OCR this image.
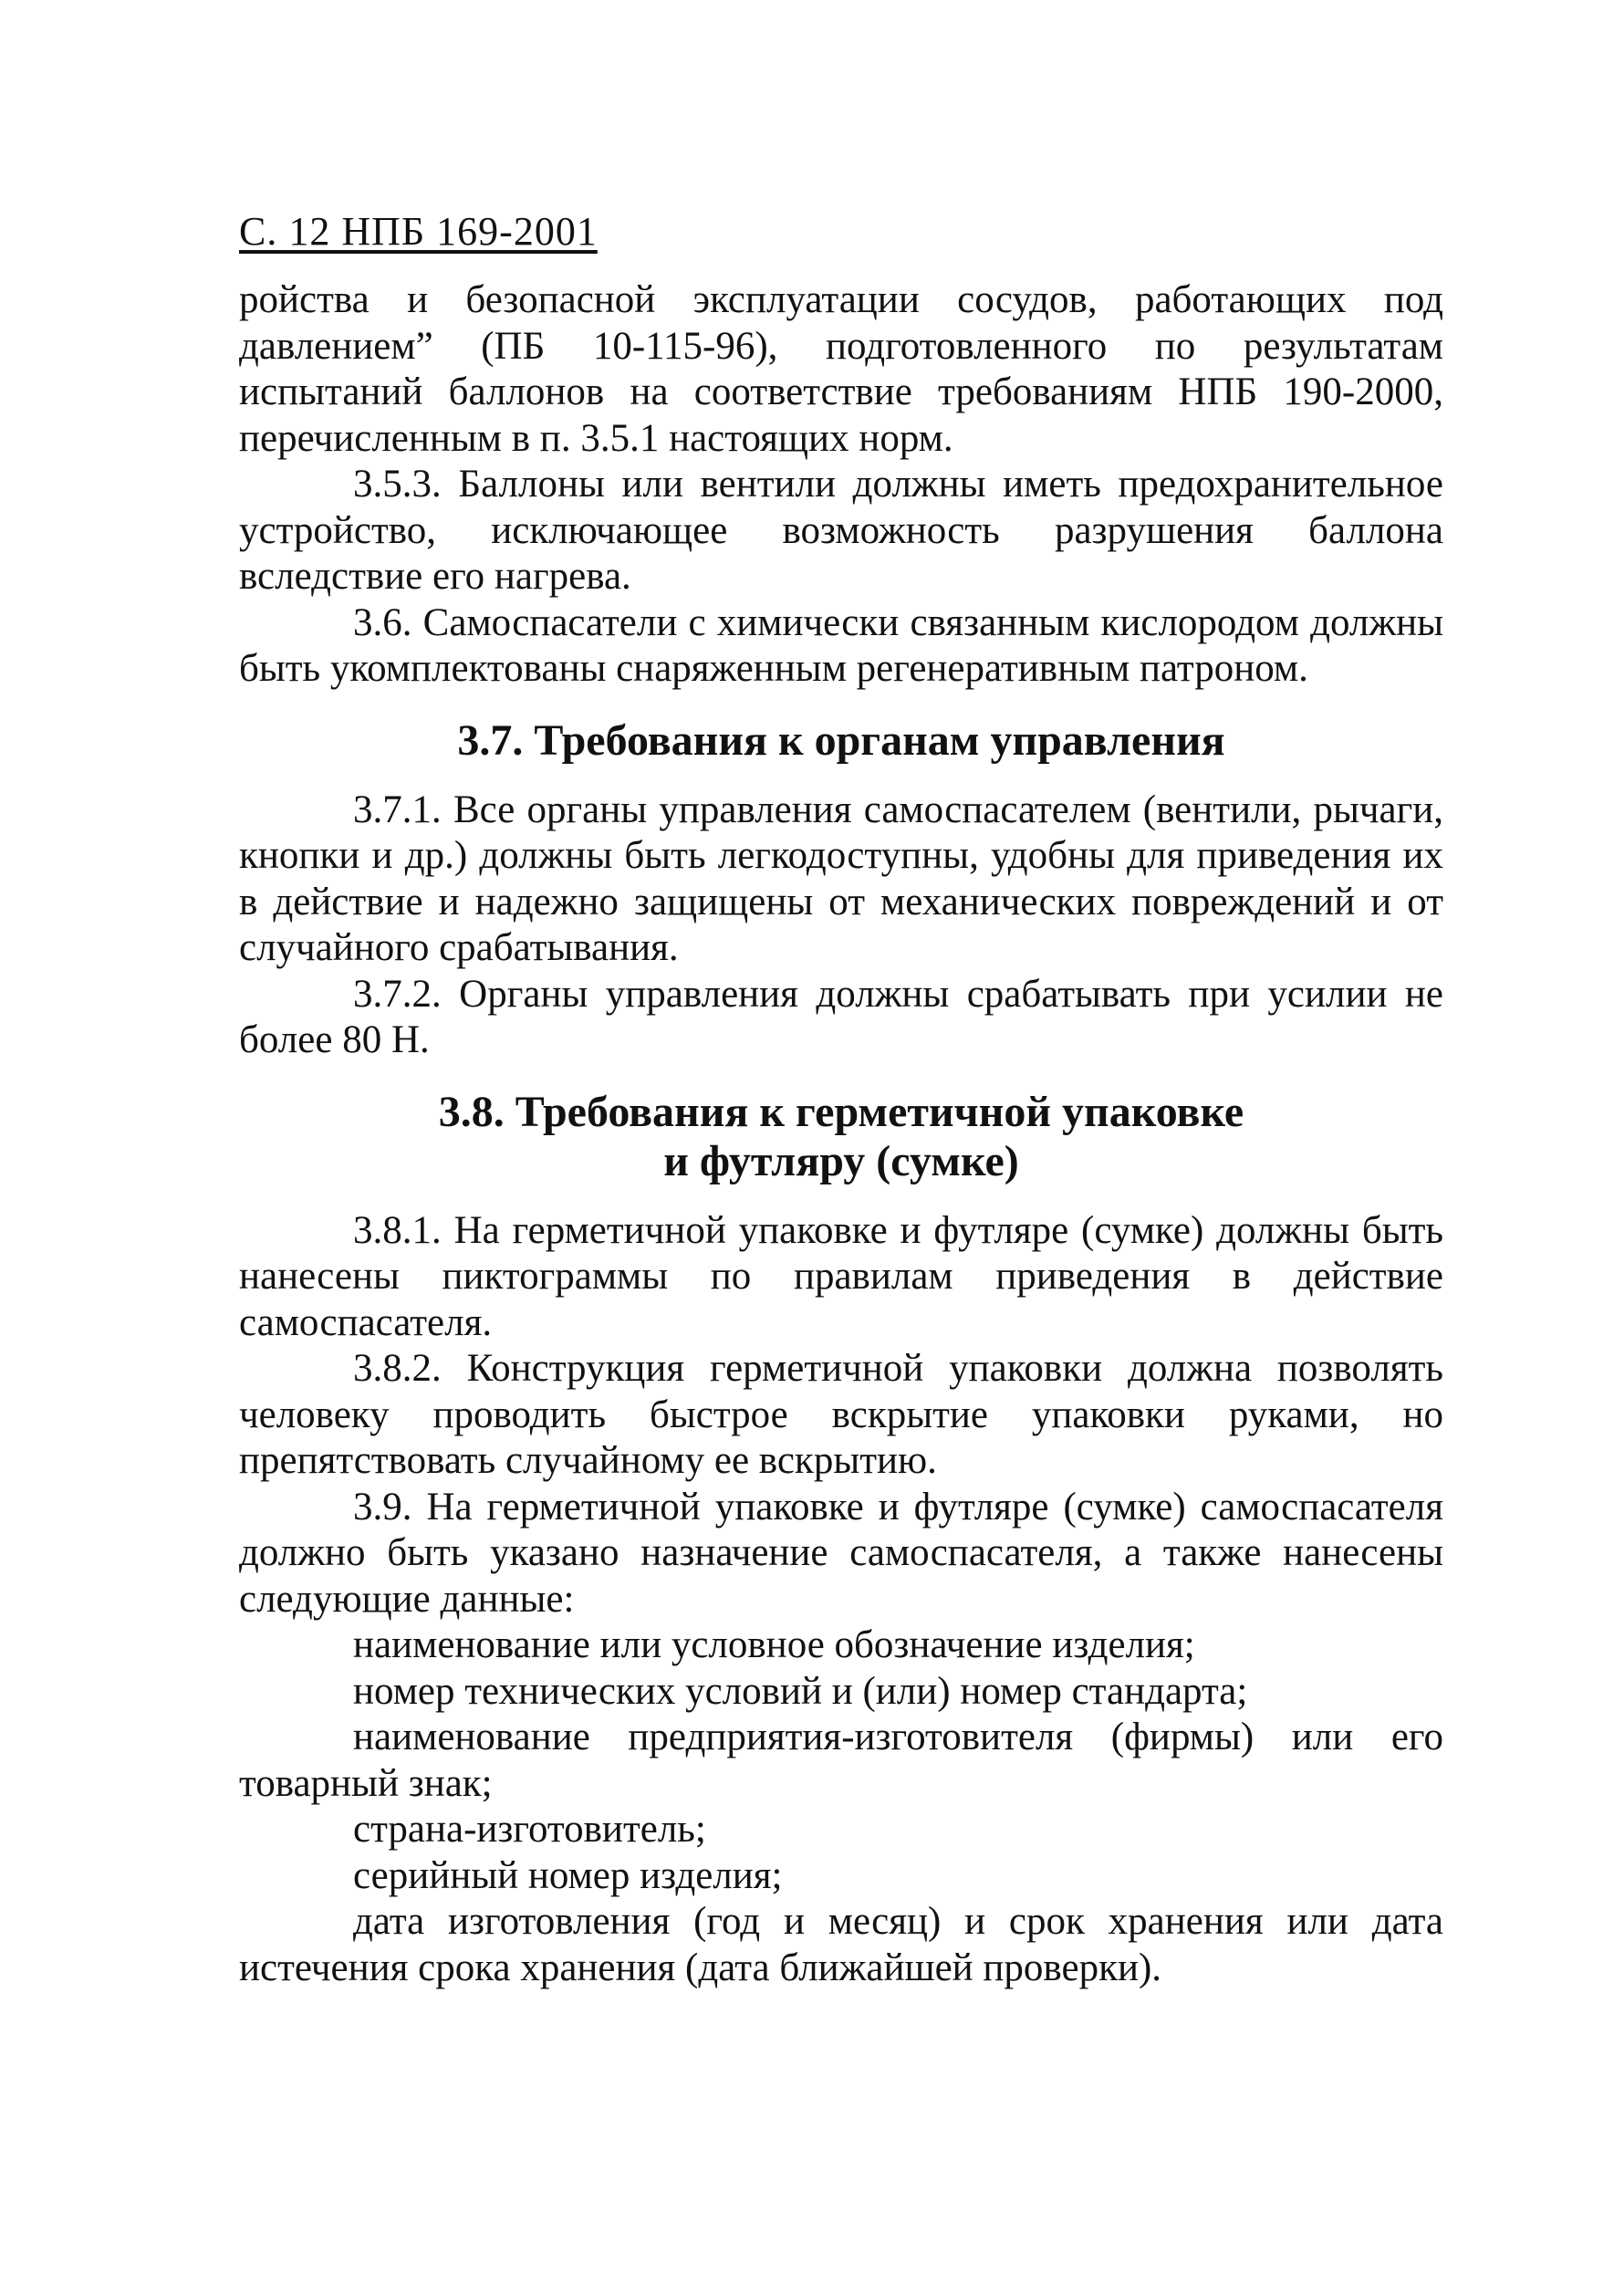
С. 12 НПБ 169-2001

ройства и безопасной эксплуатации сосудов, работающих под давлением” (ПБ 10-115-96), подготовленного по результатам испытаний баллонов на соответствие требованиям НПБ 190-2000, перечисленным в п. 3.5.1 настоящих норм.

3.5.3. Баллоны или вентили должны иметь предохранительное устройство, исключающее возможность разрушения баллона вследствие его нагрева.

3.6. Самоспасатели с химически связанным кислородом должны быть укомплектованы снаряженным регенеративным патроном.

3.7. Требования к органам управления

3.7.1. Все органы управления самоспасателем (вентили, рычаги, кнопки и др.) должны быть легкодоступны, удобны для приведения их в действие и надежно защищены от механических повреждений и от случайного срабатывания.

3.7.2. Органы управления должны срабатывать при усилии не более 80 Н.

3.8. Требования к герметичной упаковке
и футляру (сумке)

3.8.1. На герметичной упаковке и футляре (сумке) должны быть нанесены пиктограммы по правилам приведения в действие самоспасателя.

3.8.2. Конструкция герметичной упаковки должна позволять человеку проводить быстрое вскрытие упаковки руками, но препятствовать случайному ее вскрытию.

3.9. На герметичной упаковке и футляре (сумке) самоспасателя должно быть указано назначение самоспасателя, а также нанесены следующие данные:

наименование или условное обозначение изделия;

номер технических условий и (или) номер стандарта;

наименование предприятия-изготовителя (фирмы) или его товарный знак;

страна-изготовитель;

серийный номер изделия;

дата изготовления (год и месяц) и срок хранения или дата истечения срока хранения (дата ближайшей проверки).
